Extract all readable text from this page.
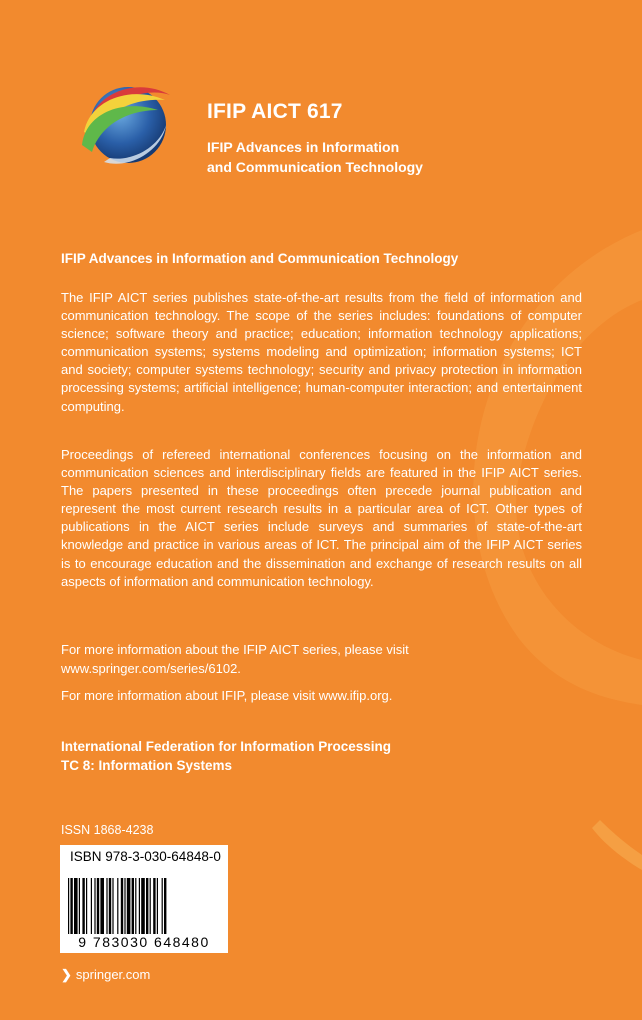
IFIP AICT 617
IFIP Advances in Information
and Communication Technology
IFIP Advances in Information and Communication Technology
The IFIP AICT series publishes state-of-the-art results from the field of information and communication technology. The scope of the series includes: foundations of computer science; software theory and practice; education; information technology applications; communication systems; systems modeling and optimization; information systems; ICT and society; computer systems technology; security and privacy protection in information processing systems; artificial intelligence; human-computer interaction; and entertainment computing.
Proceedings of refereed international conferences focusing on the information and communication sciences and interdisciplinary fields are featured in the IFIP AICT series. The papers presented in these proceedings often precede journal publication and represent the most current research results in a particular area of ICT. Other types of publications in the AICT series include surveys and summaries of state-of-the-art knowledge and practice in various areas of ICT. The principal aim of the IFIP AICT series is to encourage education and the dissemination and exchange of research results on all aspects of information and communication technology.
For more information about the IFIP AICT series, please visit www.springer.com/series/6102.
For more information about IFIP, please visit www.ifip.org.
International Federation for Information Processing
TC 8: Information Systems
ISSN 1868-4238
ISBN 978-3-030-64848-0
9 783030 648480
❯ springer.com
